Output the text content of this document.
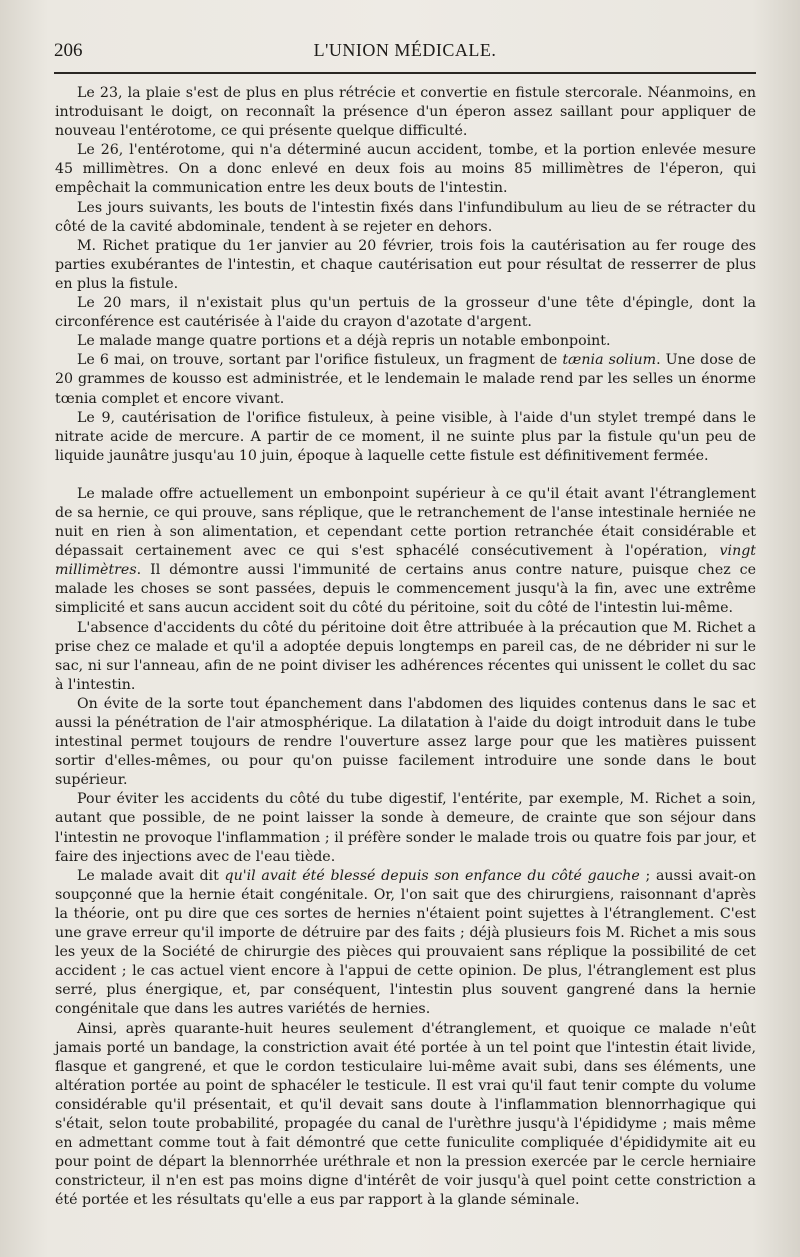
206	L'UNION MÉDICALE.

Le 23, la plaie s'est de plus en plus rétrécie et convertie en fistule stercorale. Néanmoins, en introduisant le doigt, on reconnaît la présence d'un éperon assez saillant pour appliquer de nouveau l'entérotome, ce qui présente quelque difficulté.

Le 26, l'entérotome, qui n'a déterminé aucun accident, tombe, et la portion enlevée mesure 45 millimètres. On a donc enlevé en deux fois au moins 85 millimètres de l'éperon, qui empêchait la communication entre les deux bouts de l'intestin.

Les jours suivants, les bouts de l'intestin fixés dans l'infundibulum au lieu de se rétracter du côté de la cavité abdominale, tendent à se rejeter en dehors.

M. Richet pratique du 1er janvier au 20 février, trois fois la cautérisation au fer rouge des parties exubérantes de l'intestin, et chaque cautérisation eut pour résultat de resserrer de plus en plus la fistule.

Le 20 mars, il n'existait plus qu'un pertuis de la grosseur d'une tête d'épingle, dont la circonférence est cautérisée à l'aide du crayon d'azotate d'argent.

Le malade mange quatre portions et a déjà repris un notable embonpoint.

Le 6 mai, on trouve, sortant par l'orifice fistuleux, un fragment de tænia solium. Une dose de 20 grammes de kousso est administrée, et le lendemain le malade rend par les selles un énorme tœnia complet et encore vivant.

Le 9, cautérisation de l'orifice fistuleux, à peine visible, à l'aide d'un stylet trempé dans le nitrate acide de mercure. A partir de ce moment, il ne suinte plus par la fistule qu'un peu de liquide jaunâtre jusqu'au 10 juin, époque à laquelle cette fistule est définitivement fermée.

Le malade offre actuellement un embonpoint supérieur à ce qu'il était avant l'étranglement de sa hernie, ce qui prouve, sans réplique, que le retranchement de l'anse intestinale herniée ne nuit en rien à son alimentation, et cependant cette portion retranchée était considérable et dépassait certainement avec ce qui s'est sphacélé consécutivement à l'opération, vingt millimètres. Il démontre aussi l'immunité de certains anus contre nature, puisque chez ce malade les choses se sont passées, depuis le commencement jusqu'à la fin, avec une extrême simplicité et sans aucun accident soit du côté du péritoine, soit du côté de l'intestin lui-même.

L'absence d'accidents du côté du péritoine doit être attribuée à la précaution que M. Richet a prise chez ce malade et qu'il a adoptée depuis longtemps en pareil cas, de ne débrider ni sur le sac, ni sur l'anneau, afin de ne point diviser les adhérences récentes qui unissent le collet du sac à l'intestin.

On évite de la sorte tout épanchement dans l'abdomen des liquides contenus dans le sac et aussi la pénétration de l'air atmosphérique. La dilatation à l'aide du doigt introduit dans le tube intestinal permet toujours de rendre l'ouverture assez large pour que les matières puissent sortir d'elles-mêmes, ou pour qu'on puisse facilement introduire une sonde dans le bout supérieur.

Pour éviter les accidents du côté du tube digestif, l'entérite, par exemple, M. Richet a soin, autant que possible, de ne point laisser la sonde à demeure, de crainte que son séjour dans l'intestin ne provoque l'inflammation ; il préfère sonder le malade trois ou quatre fois par jour, et faire des injections avec de l'eau tiède.

Le malade avait dit qu'il avait été blessé depuis son enfance du côté gauche ; aussi avait-on soupçonné que la hernie était congénitale. Or, l'on sait que des chirurgiens, raisonnant d'après la théorie, ont pu dire que ces sortes de hernies n'étaient point sujettes à l'étranglement. C'est une grave erreur qu'il importe de détruire par des faits ; déjà plusieurs fois M. Richet a mis sous les yeux de la Société de chirurgie des pièces qui prouvaient sans réplique la possibilité de cet accident ; le cas actuel vient encore à l'appui de cette opinion. De plus, l'étranglement est plus serré, plus énergique, et, par conséquent, l'intestin plus souvent gangrené dans la hernie congénitale que dans les autres variétés de hernies.

Ainsi, après quarante-huit heures seulement d'étranglement, et quoique ce malade n'eût jamais porté un bandage, la constriction avait été portée à un tel point que l'intestin était livide, flasque et gangrené, et que le cordon testiculaire lui-même avait subi, dans ses éléments, une altération portée au point de sphacéler le testicule. Il est vrai qu'il faut tenir compte du volume considérable qu'il présentait, et qu'il devait sans doute à l'inflammation blennorrhagique qui s'était, selon toute probabilité, propagée du canal de l'urèthre jusqu'à l'épididyme ; mais même en admettant comme tout à fait démontré que cette funiculite compliquée d'épididymite ait eu pour point de départ la blennorrhée uréthrale et non la pression exercée par le cercle herniaire constricteur, il n'en est pas moins digne d'intérêt de voir jusqu'à quel point cette constriction a été portée et les résultats qu'elle a eus par rapport à la glande séminale.
